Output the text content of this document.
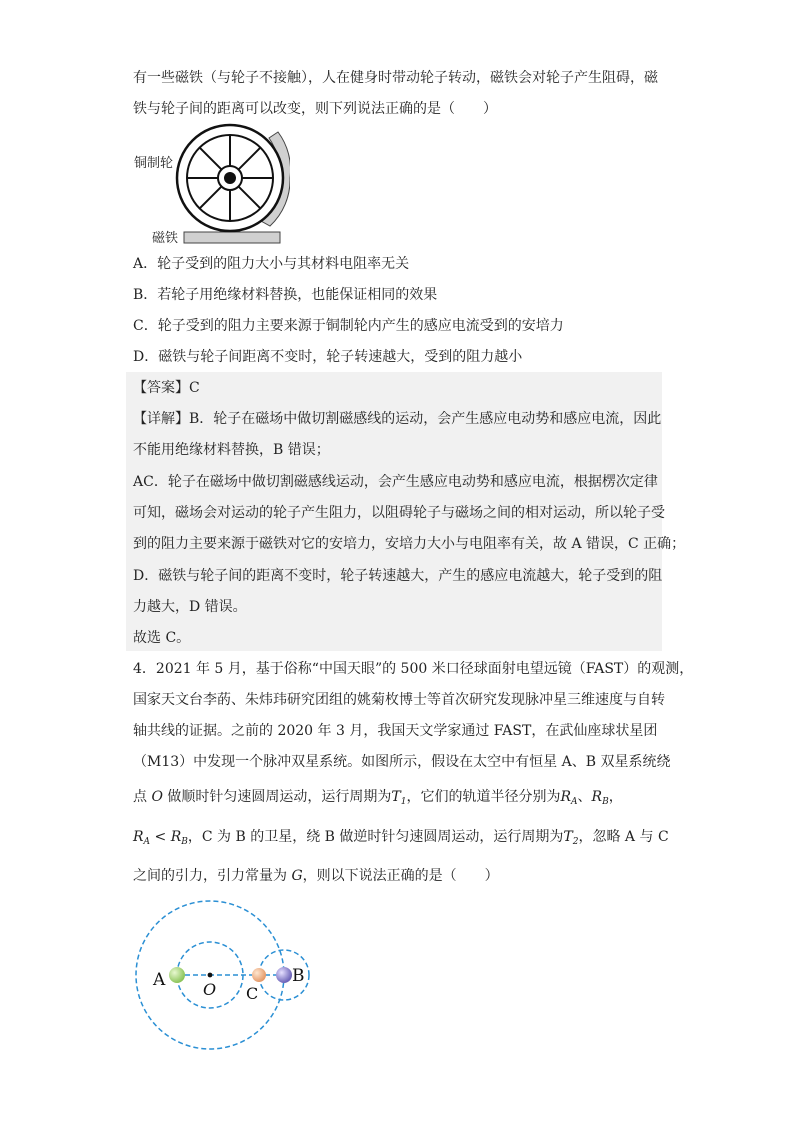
有一些磁铁（与轮子不接触），人在健身时带动轮子转动，磁铁会对轮子产生阻碍，磁
铁与轮子间的距离可以改变，则下列说法正确的是（　　）
铜制轮
磁铁
A．轮子受到的阻力大小与其材料电阻率无关
B．若轮子用绝缘材料替换，也能保证相同的效果
C．轮子受到的阻力主要来源于铜制轮内产生的感应电流受到的安培力
D．磁铁与轮子间距离不变时，轮子转速越大，受到的阻力越小
【答案】C
【详解】B．轮子在磁场中做切割磁感线的运动，会产生感应电动势和感应电流，因此
不能用绝缘材料替换，B 错误；
AC．轮子在磁场中做切割磁感线运动，会产生感应电动势和感应电流，根据楞次定律
可知，磁场会对运动的轮子产生阻力，以阻碍轮子与磁场之间的相对运动，所以轮子受
到的阻力主要来源于磁铁对它的安培力，安培力大小与电阻率有关，故 A 错误，C 正确；
D．磁铁与轮子间的距离不变时，轮子转速越大，产生的感应电流越大，轮子受到的阻
力越大，D 错误。
故选 C。
4．2021 年 5 月，基于俗称“中国天眼”的 500 米口径球面射电望远镜（FAST）的观测，
国家天文台李菂、朱炜玮研究团组的姚菊枚博士等首次研究发现脉冲星三维速度与自转
轴共线的证据。之前的 2020 年 3 月，我国天文学家通过 FAST，在武仙座球状星团
（M13）中发现一个脉冲双星系统。如图所示，假设在太空中有恒星 A、B 双星系统绕
点 O 做顺时针匀速圆周运动，运行周期为$T_1$，它们的轨道半径分别为$R_A$、$R_B$，
$R_A < R_B$，C 为 B 的卫星，绕 B 做逆时针匀速圆周运动，运行周期为$T_2$，忽略 A 与 C
之间的引力，引力常量为 G，则以下说法正确的是（　　）
A O C
B
